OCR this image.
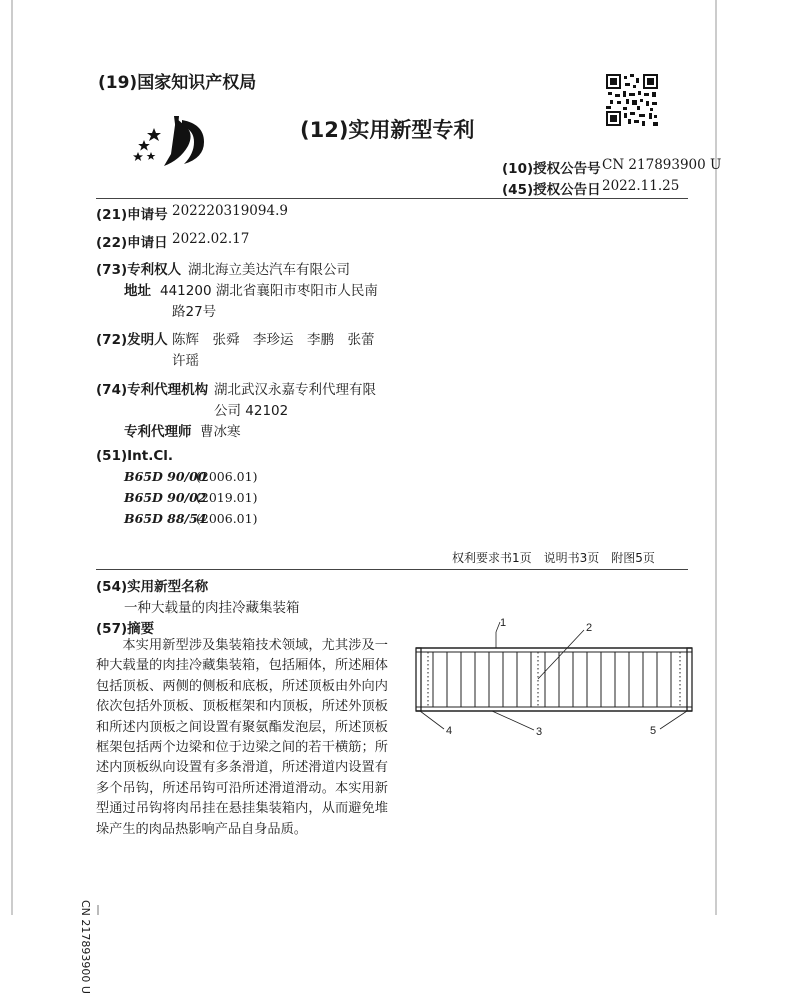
(19)国家知识产权局
(12)实用新型专利
(10)授权公告号 CN 217893900 U
(45)授权公告日 2022.11.25
(21)申请号 202220319094.9
(22)申请日 2022.02.17
(73)专利权人 湖北海立美达汽车有限公司
地址 441200 湖北省襄阳市枣阳市人民南
路27号
(72)发明人 陈辉　张舜　李珍运　李鹏　张蕾
许瑶
(74)专利代理机构 湖北武汉永嘉专利代理有限
公司 42102
专利代理师 曹冰寒
(51)Int.Cl.
B65D 90/00
(2006.01)
B65D 90/02
(2019.01)
B65D 88/54
(2006.01)
权利要求书1页　说明书3页　附图5页
(54)实用新型名称
一种大载量的肉挂冷藏集装箱
(57)摘要

本实用新型涉及集装箱技术领域，尤其涉及一种大载量的肉挂冷藏集装箱，包括厢体，所述厢体包括顶板、两侧的侧板和底板，所述顶板由外向内依次包括外顶板、顶板框架和内顶板，所述外顶板和所述内顶板之间设置有聚氨酯发泡层，所述顶板框架包括两个边梁和位于边梁之间的若干横筋；所述内顶板纵向设置有多条滑道，所述滑道内设置有多个吊钩，所述吊钩可沿所述滑道滑动。本实用新型通过吊钩将肉吊挂在悬挂集装箱内，从而避免堆垛产生的肉品热影响产品自身品质。

1	2
3
4	5
CN 217893900 U
